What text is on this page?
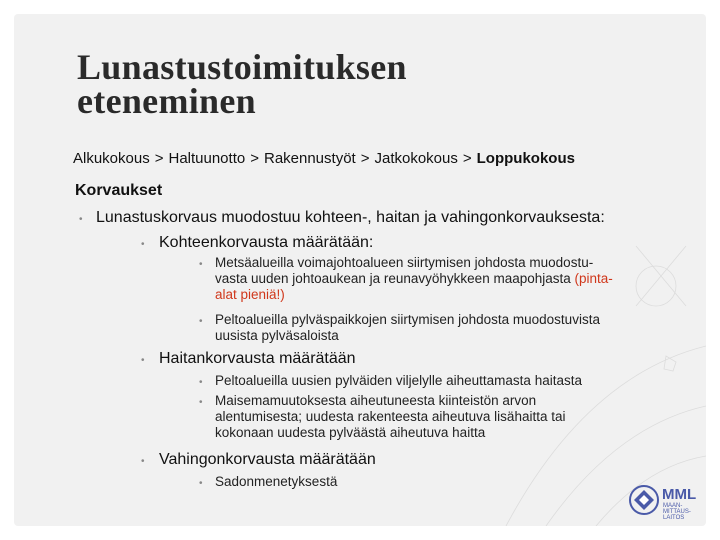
Lunastustoimituksen
eteneminen
Alkukokous > Haltuunotto > Rakennustyöt > Jatkokokous > Loppukokous
Korvaukset
• Lunastuskorvaus muodostuu kohteen-, haitan ja vahingonkorvauksesta:
• Kohteenkorvausta määrätään:
• Metsäalueilla voimajohtoalueen siirtymisen johdosta muodostu-
vasta uuden johtoaukean ja reunavyöhykkeen maapohjasta (pinta-
alat pieniä!)
• Peltoalueilla pylväspaikkojen siirtymisen johdosta muodostuvista
uusista pylväsaloista
• Haitankorvausta määrätään
• Peltoalueilla uusien pylväiden viljelylle aiheuttamasta haitasta
• Maisemamuutoksesta aiheutuneesta kiinteistön arvon
alentumisesta; uudesta rakenteesta aiheutuva lisähaitta tai
kokonaan uudesta pylväästä aiheutuva haitta
• Vahingonkorvausta määrätään
• Sadonmenetyksestä
MML
MAAN-
MITTAUS-
LAITOS
